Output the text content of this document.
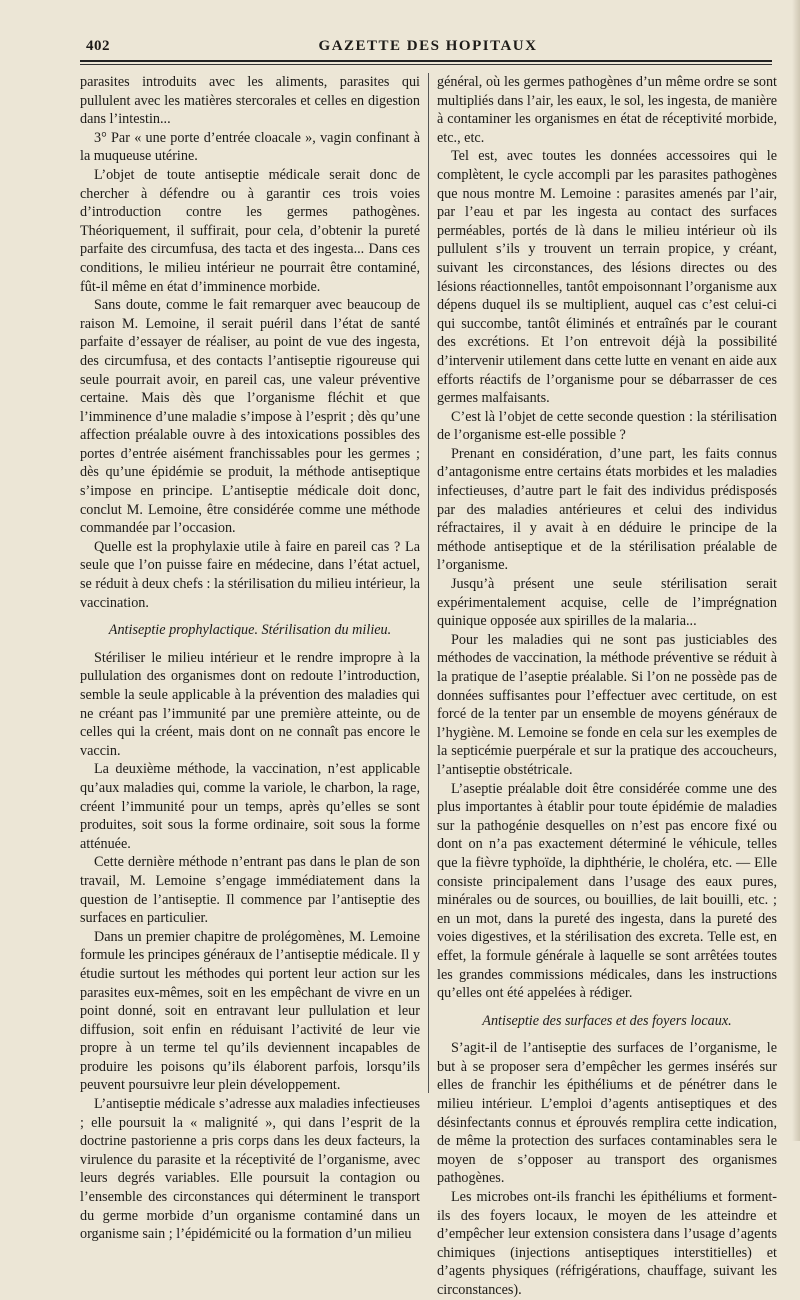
402	GAZETTE DES HOPITAUX

parasites introduits avec les aliments, parasites qui pullulent avec les matières stercorales et celles en digestion dans l’intestin...

3° Par « une porte d’entrée cloacale », vagin confinant à la muqueuse utérine.

L’objet de toute antiseptie médicale serait donc de chercher à défendre ou à garantir ces trois voies d’introduction contre les germes pathogènes. Théoriquement, il suffirait, pour cela, d’obtenir la pureté parfaite des circumfusa, des tacta et des ingesta... Dans ces conditions, le milieu intérieur ne pourrait être contaminé, fût-il même en état d’imminence morbide.

Sans doute, comme le fait remarquer avec beaucoup de raison M. Lemoine, il serait puéril dans l’état de santé parfaite d’essayer de réaliser, au point de vue des ingesta, des circumfusa, et des contacts l’antiseptie rigoureuse qui seule pourrait avoir, en pareil cas, une valeur préventive certaine. Mais dès que l’organisme fléchit et que l’imminence d’une maladie s’impose à l’esprit ; dès qu’une affection préalable ouvre à des intoxications possibles des portes d’entrée aisément franchissables pour les germes ; dès qu’une épidémie se produit, la méthode antiseptique s’impose en principe. L’antiseptie médicale doit donc, conclut M. Lemoine, être considérée comme une méthode commandée par l’occasion.

Quelle est la prophylaxie utile à faire en pareil cas ? La seule que l’on puisse faire en médecine, dans l’état actuel, se réduit à deux chefs : la stérilisation du milieu intérieur, la vaccination.

Antiseptie prophylactique. Stérilisation du milieu.

Stériliser le milieu intérieur et le rendre impropre à la pullulation des organismes dont on redoute l’introduction, semble la seule applicable à la prévention des maladies qui ne créant pas l’immunité par une première atteinte, ou de celles qui la créent, mais dont on ne connaît pas encore le vaccin.

La deuxième méthode, la vaccination, n’est applicable qu’aux maladies qui, comme la variole, le charbon, la rage, créent l’immunité pour un temps, après qu’elles se sont produites, soit sous la forme ordinaire, soit sous la forme atténuée.

Cette dernière méthode n’entrant pas dans le plan de son travail, M. Lemoine s’engage immédiatement dans la question de l’antiseptie. Il commence par l’antiseptie des surfaces en particulier.

Dans un premier chapitre de prolégomènes, M. Lemoine formule les principes généraux de l’antiseptie médicale. Il y étudie surtout les méthodes qui portent leur action sur les parasites eux-mêmes, soit en les empêchant de vivre en un point donné, soit en entravant leur pullulation et leur diffusion, soit enfin en réduisant l’activité de leur vie propre à un terme tel qu’ils deviennent incapables de produire les poisons qu’ils élaborent parfois, lorsqu’ils peuvent poursuivre leur plein développement.

L’antiseptie médicale s’adresse aux maladies infectieuses ; elle poursuit la « malignité », qui dans l’esprit de la doctrine pastorienne a pris corps dans les deux facteurs, la virulence du parasite et la réceptivité de l’organisme, avec leurs degrés variables. Elle poursuit la contagion ou l’ensemble des circonstances qui déterminent le transport du germe morbide d’un organisme contaminé dans un organisme sain ; l’épidémicité ou la formation d’un milieu

général, où les germes pathogènes d’un même ordre se sont multipliés dans l’air, les eaux, le sol, les ingesta, de manière à contaminer les organismes en état de réceptivité morbide, etc., etc.

Tel est, avec toutes les données accessoires qui le complètent, le cycle accompli par les parasites pathogènes que nous montre M. Lemoine : parasites amenés par l’air, par l’eau et par les ingesta au contact des surfaces perméables, portés de là dans le milieu intérieur où ils pullulent s’ils y trouvent un terrain propice, y créant, suivant les circonstances, des lésions directes ou des lésions réactionnelles, tantôt empoisonnant l’organisme aux dépens duquel ils se multiplient, auquel cas c’est celui-ci qui succombe, tantôt éliminés et entraînés par le courant des excrétions. Et l’on entrevoit déjà la possibilité d’intervenir utilement dans cette lutte en venant en aide aux efforts réactifs de l’organisme pour se débarrasser de ces germes malfaisants.

C’est là l’objet de cette seconde question : la stérilisation de l’organisme est-elle possible ?

Prenant en considération, d’une part, les faits connus d’antagonisme entre certains états morbides et les maladies infectieuses, d’autre part le fait des individus prédisposés par des maladies antérieures et celui des individus réfractaires, il y avait à en déduire le principe de la méthode antiseptique et de la stérilisation préalable de l’organisme.

Jusqu’à présent une seule stérilisation serait expérimentalement acquise, celle de l’imprégnation quinique opposée aux spirilles de la malaria...

Pour les maladies qui ne sont pas justiciables des méthodes de vaccination, la méthode préventive se réduit à la pratique de l’aseptie préalable. Si l’on ne possède pas de données suffisantes pour l’effectuer avec certitude, on est forcé de la tenter par un ensemble de moyens généraux de l’hygiène. M. Lemoine se fonde en cela sur les exemples de la septicémie puerpérale et sur la pratique des accoucheurs, l’antiseptie obstétricale.

L’aseptie préalable doit être considérée comme une des plus importantes à établir pour toute épidémie de maladies sur la pathogénie desquelles on n’est pas encore fixé ou dont on n’a pas exactement déterminé le véhicule, telles que la fièvre typhoïde, la diphthérie, le choléra, etc. — Elle consiste principalement dans l’usage des eaux pures, minérales ou de sources, ou bouillies, de lait bouilli, etc. ; en un mot, dans la pureté des ingesta, dans la pureté des voies digestives, et la stérilisation des excreta. Telle est, en effet, la formule générale à laquelle se sont arrêtées toutes les grandes commissions médicales, dans les instructions qu’elles ont été appelées à rédiger.

Antiseptie des surfaces et des foyers locaux.

S’agit-il de l’antiseptie des surfaces de l’organisme, le but à se proposer sera d’empêcher les germes insérés sur elles de franchir les épithéliums et de pénétrer dans le milieu intérieur. L’emploi d’agents antiseptiques et des désinfectants connus et éprouvés remplira cette indication, de même la protection des surfaces contaminables sera le moyen de s’opposer au transport des organismes pathogènes.

Les microbes ont-ils franchi les épithéliums et forment-ils des foyers locaux, le moyen de les atteindre et d’empêcher leur extension consistera dans l’usage d’agents chimiques (injections antiseptiques interstitielles) et d’agents physiques (réfrigérations, chauffage, suivant les circonstances).
